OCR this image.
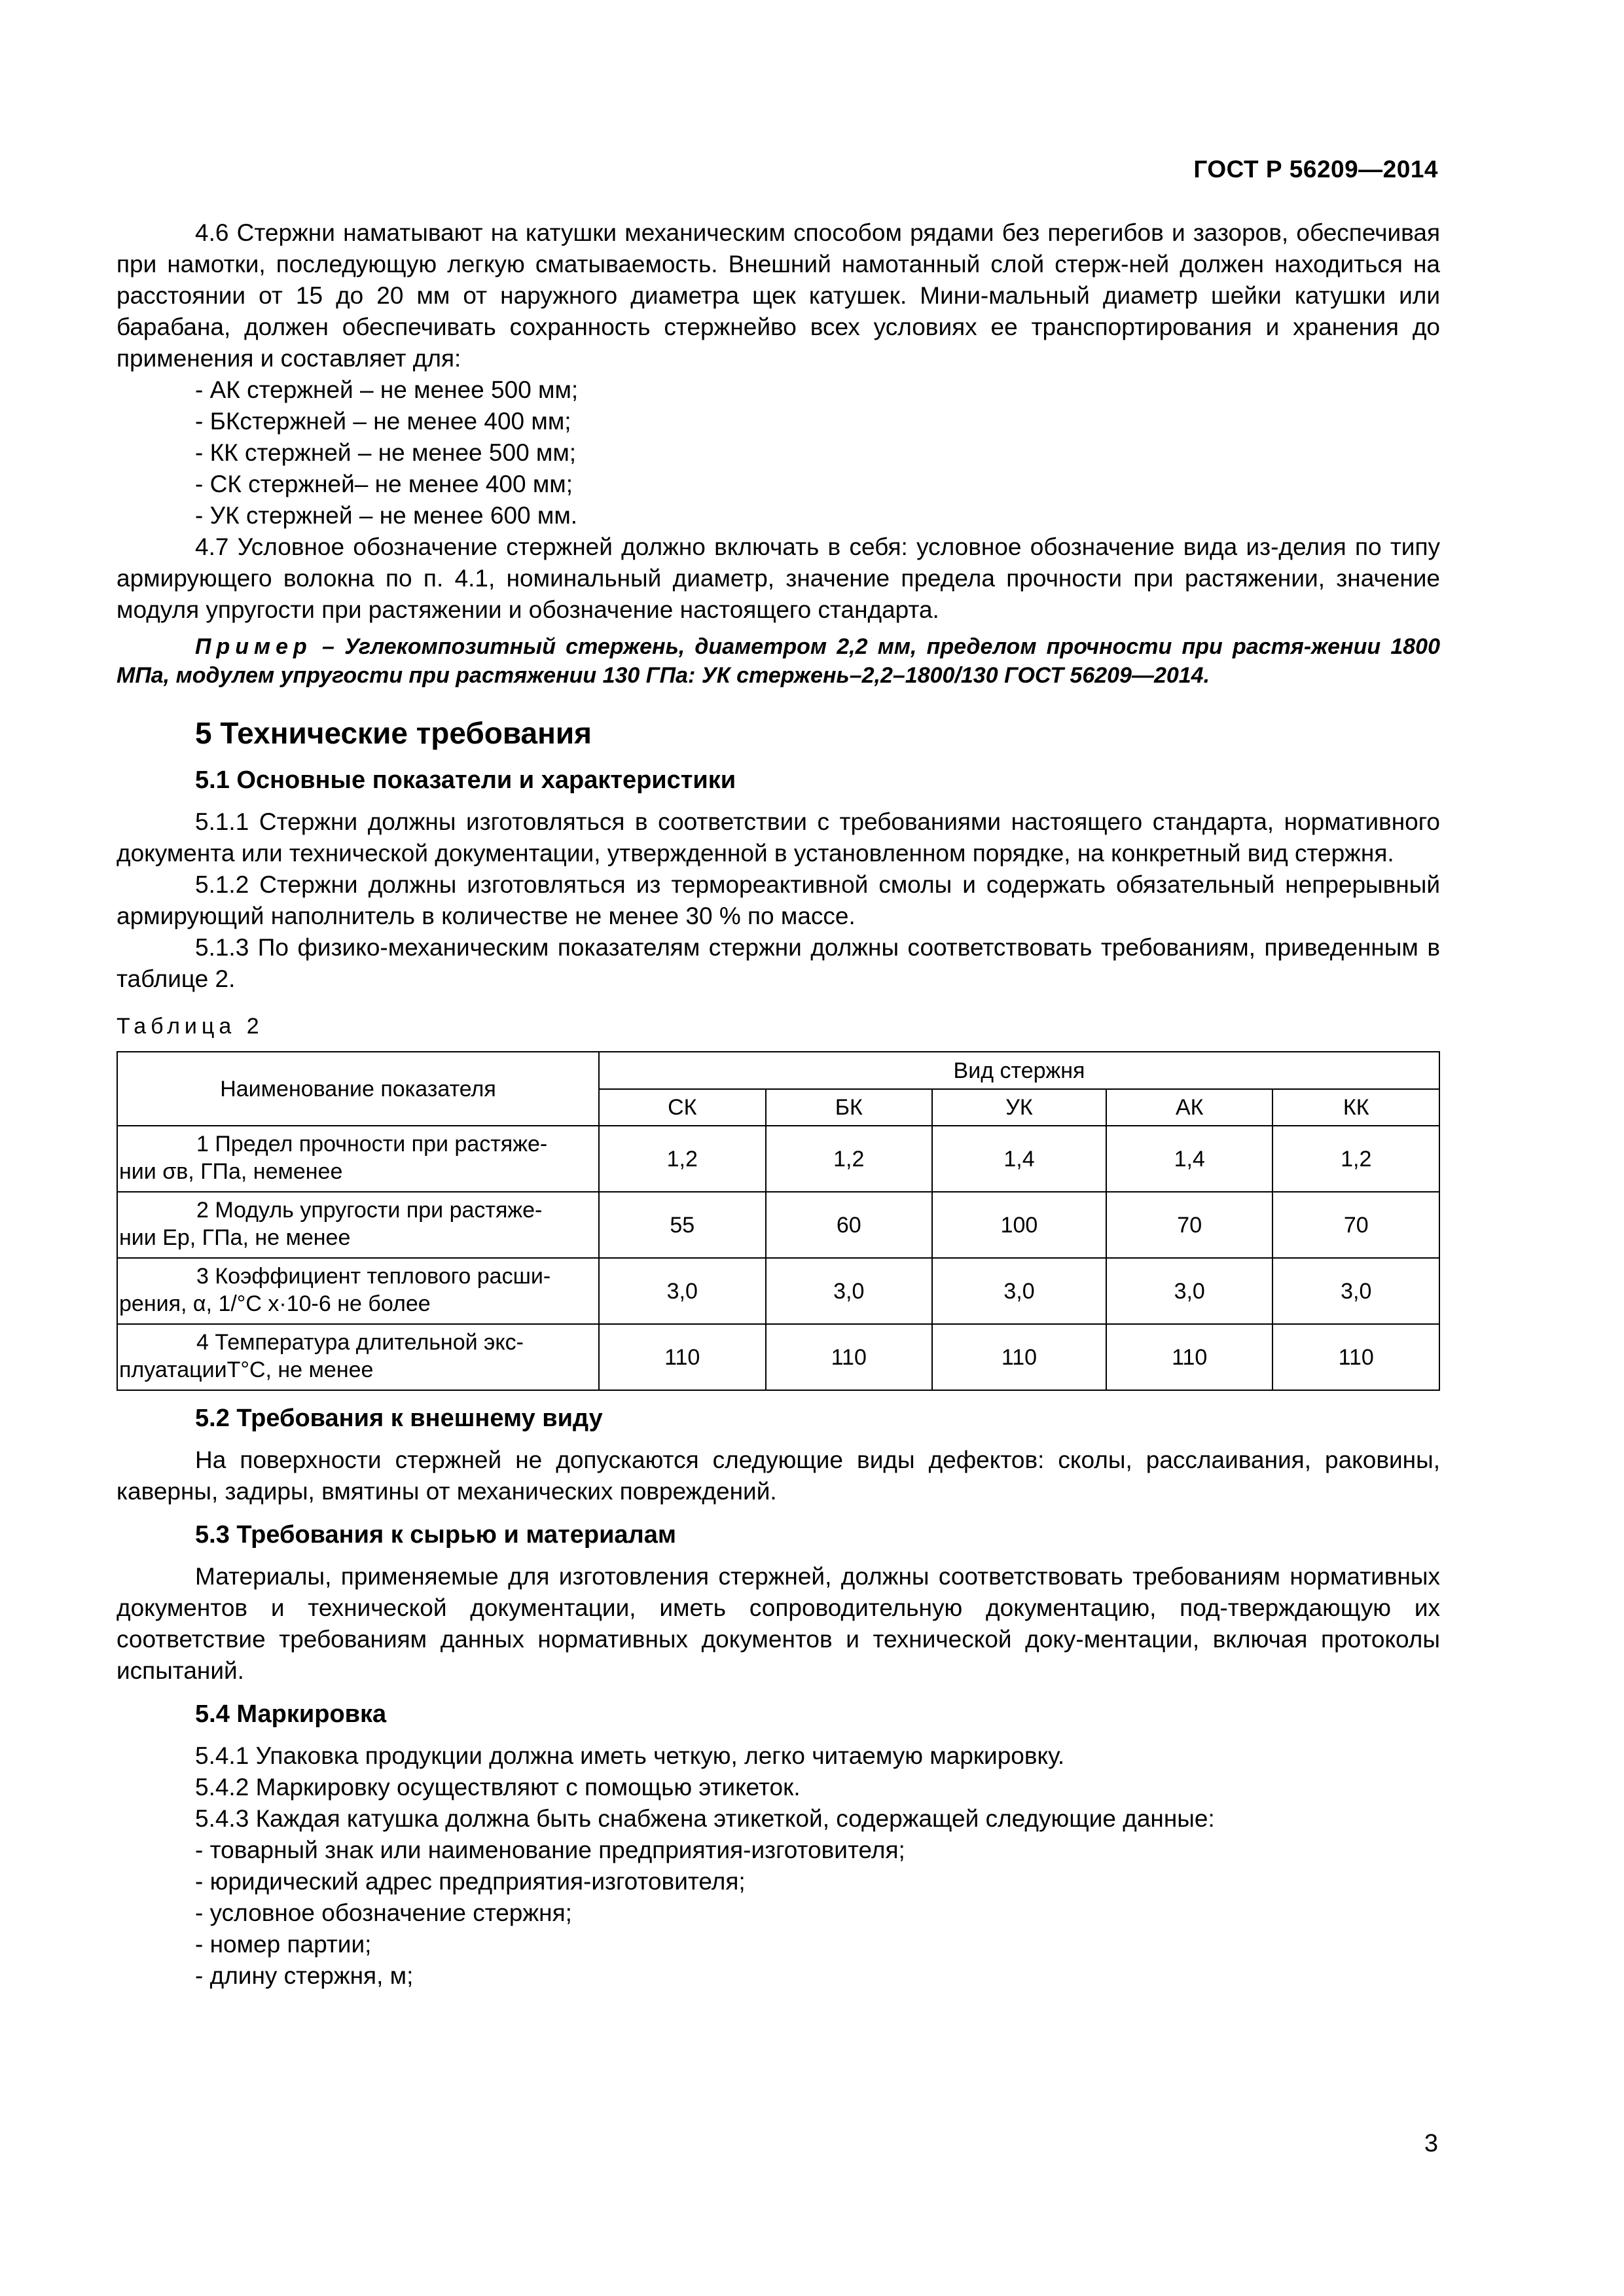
ГОСТ Р 56209—2014

4.6 Стержни наматывают на катушки механическим способом рядами без перегибов и зазоров, обеспечивая при намотки, последующую легкую сматываемость. Внешний намотанный слой стерж-ней должен находиться на расстоянии от 15 до 20 мм от наружного диаметра щек катушек. Мини-мальный диаметр шейки катушки или барабана, должен обеспечивать сохранность стержнейво всех условиях ее транспортирования и хранения до применения и составляет для:

- АК стержней – не менее 500 мм;

- БКстержней – не менее 400 мм;

- КК стержней – не менее 500 мм;

- СК стержней– не менее 400 мм;

- УК стержней – не менее 600 мм.

4.7 Условное обозначение стержней должно включать в себя: условное обозначение вида из-делия по типу армирующего волокна по п. 4.1, номинальный диаметр, значение предела прочности при растяжении, значение модуля упругости при растяжении и обозначение настоящего стандарта.

Пример – Углекомпозитный стержень, диаметром 2,2 мм, пределом прочности при растя-жении 1800 МПа, модулем упругости при растяжении 130 ГПа: УК стержень–2,2–1800/130 ГОСТ 56209—2014.

5 Технические требования
5.1 Основные показатели и характеристики

5.1.1 Стержни должны изготовляться в соответствии с требованиями настоящего стандарта, нормативного документа или технической документации, утвержденной в установленном порядке, на конкретный вид стержня.

5.1.2 Стержни должны изготовляться из термореактивной смолы и содержать обязательный непрерывный армирующий наполнитель в количестве не менее 30 % по массе.

5.1.3 По физико-механическим показателям стержни должны соответствовать требованиям, приведенным в таблице 2.

Таблица 2

Наименование показателя	Вид стержня				
	СК	БК	УК	АК	КК

1 Предел прочности при растяже-
нии σв, ГПа, неменее	1,2	1,2	1,4	1,4	1,2

2 Модуль упругости при растяже-
нии Eр, ГПа, не менее	55	60	100	70	70

3 Коэффициент теплового расши-
рения, α, 1/°С x·10-6 не более	3,0	3,0	3,0	3,0	3,0

4 Температура длительной экс-
плуатацииТ°С, не менее	110	110	110	110	110
5.2 Требования к внешнему виду

На поверхности стержней не допускаются следующие виды дефектов: сколы, расслаивания, раковины, каверны, задиры, вмятины от механических повреждений.

5.3 Требования к сырью и материалам

Материалы, применяемые для изготовления стержней, должны соответствовать требованиям нормативных документов и технической документации, иметь сопроводительную документацию, под-тверждающую их соответствие требованиям данных нормативных документов и технической доку-ментации, включая протоколы испытаний.

5.4 Маркировка

5.4.1 Упаковка продукции должна иметь четкую, легко читаемую маркировку.

5.4.2 Маркировку осуществляют с помощью этикеток.

5.4.3 Каждая катушка должна быть снабжена этикеткой, содержащей следующие данные:

- товарный знак или наименование предприятия-изготовителя;

- юридический адрес предприятия-изготовителя;

- условное обозначение стержня;

- номер партии;

- длину стержня, м;

3
